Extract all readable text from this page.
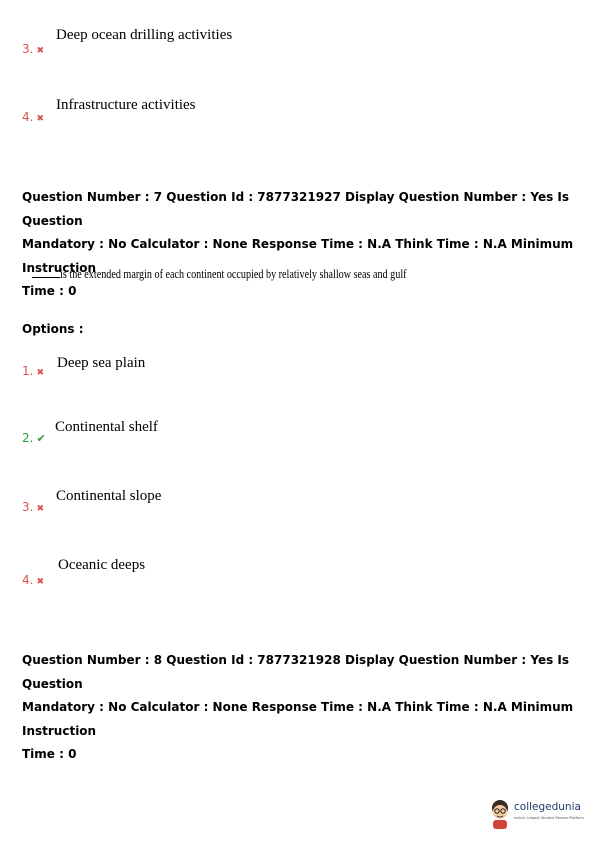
3. ✖
Deep ocean drilling activities
4. ✖
Infrastructure activities
Question Number : 7 Question Id : 7877321927 Display Question Number : Yes Is Question
Mandatory : No Calculator : None Response Time : N.A Think Time : N.A Minimum Instruction
Time : 0
is the extended margin of each continent occupied by relatively shallow seas and gulf
Options :
1. ✖
Deep sea plain
2. ✔
Continental shelf
3. ✖
Continental slope
4. ✖
Oceanic deeps
Question Number : 8 Question Id : 7877321928 Display Question Number : Yes Is Question
Mandatory : No Calculator : None Response Time : N.A Think Time : N.A Minimum Instruction
Time : 0
collegedunia
India's Largest Student Review Platform
